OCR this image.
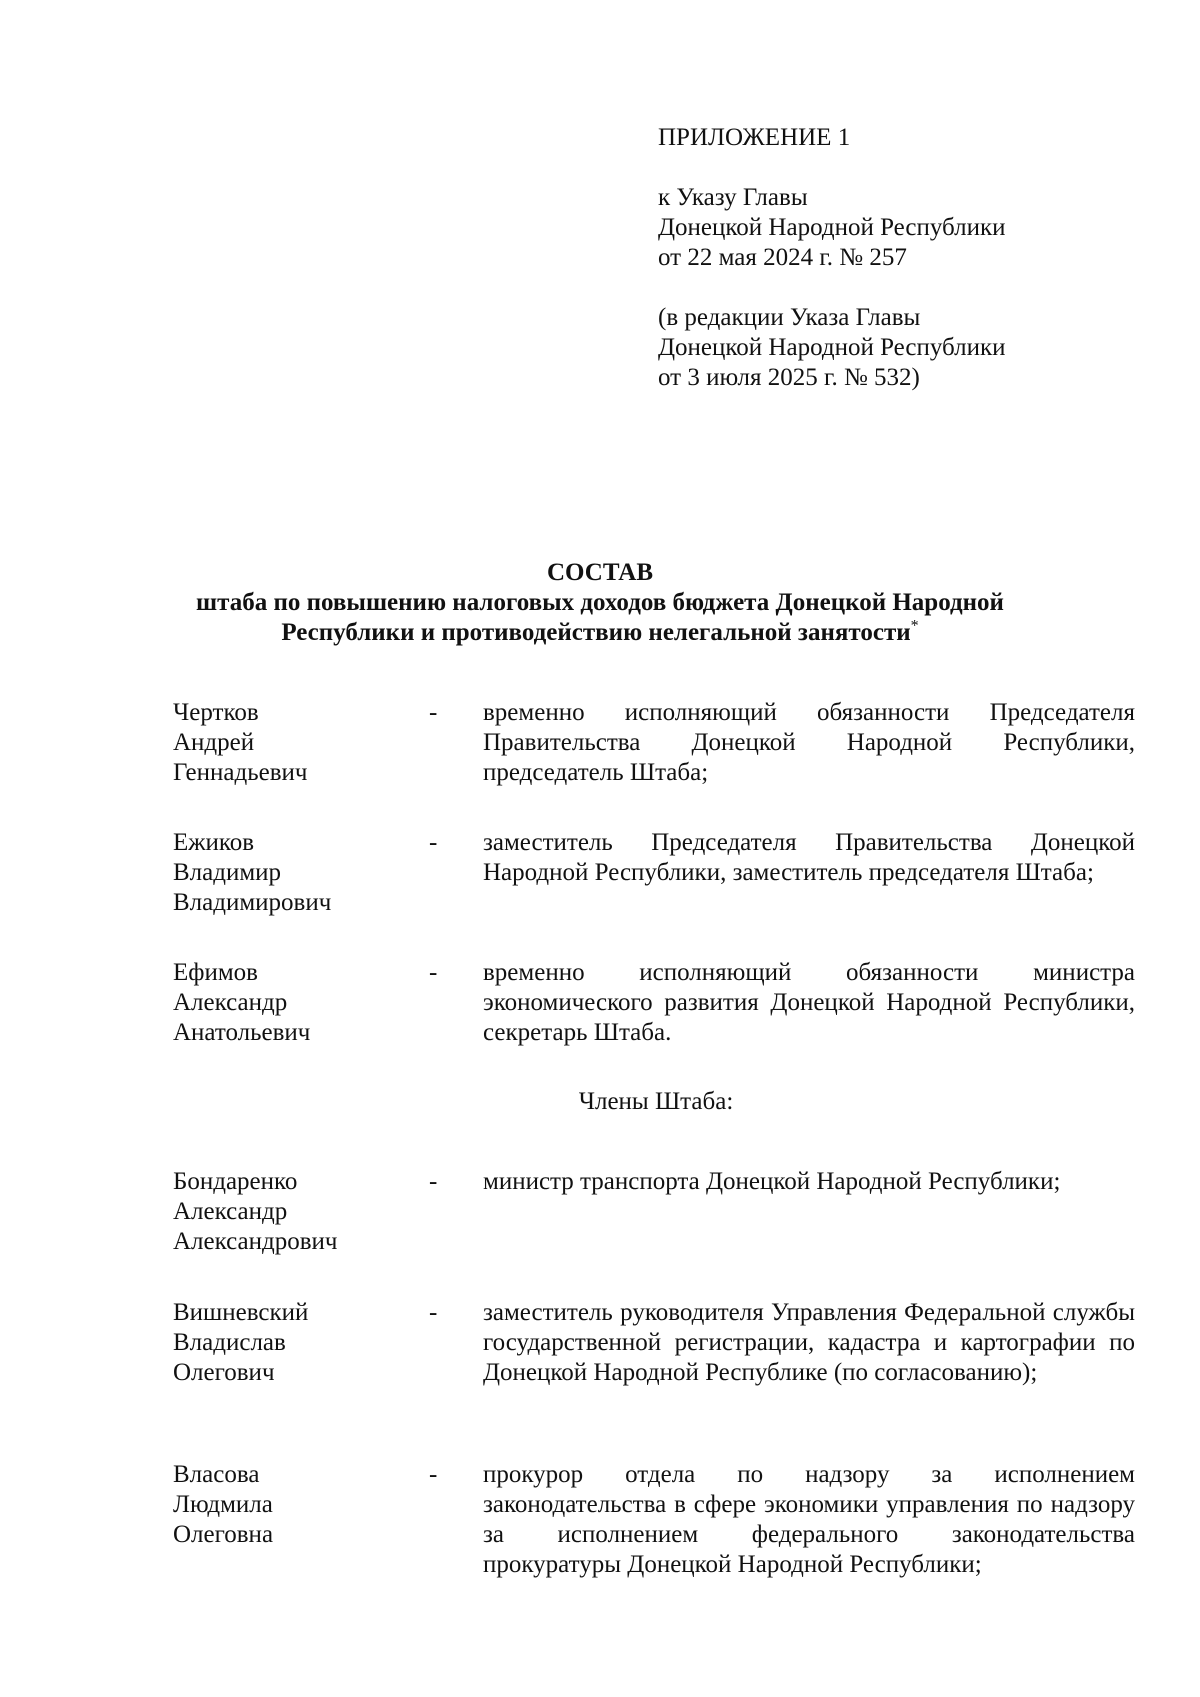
ПРИЛОЖЕНИЕ 1
к Указу Главы
Донецкой Народной Республики
от 22 мая 2024 г. № 257
(в редакции Указа Главы
Донецкой Народной Республики
от 3 июля 2025 г. № 532)
СОСТАВ
штаба по повышению налоговых доходов бюджета Донецкой Народной
Республики и противодействию нелегальной занятости*
Чертков
Андрей
Геннадьевич
- временно исполняющий обязанности Председателя Правительства Донецкой Народной Республики, председатель Штаба;
Ежиков
Владимир
Владимирович
- заместитель Председателя Правительства Донецкой Народной Республики, заместитель председателя Штаба;
Ефимов
Александр
Анатольевич
- временно исполняющий обязанности министра экономического развития Донецкой Народной Республики, секретарь Штаба.
Члены Штаба:
Бондаренко
Александр
Александрович
- министр транспорта Донецкой Народной Республики;
Вишневский
Владислав
Олегович
- заместитель руководителя Управления Федеральной службы государственной регистрации, кадастра и картографии по Донецкой Народной Республике (по согласованию);
Власова
Людмила
Олеговна
- прокурор отдела по надзору за исполнением законодательства в сфере экономики управления по надзору за исполнением федерального законодательства прокуратуры Донецкой Народной Республики;
